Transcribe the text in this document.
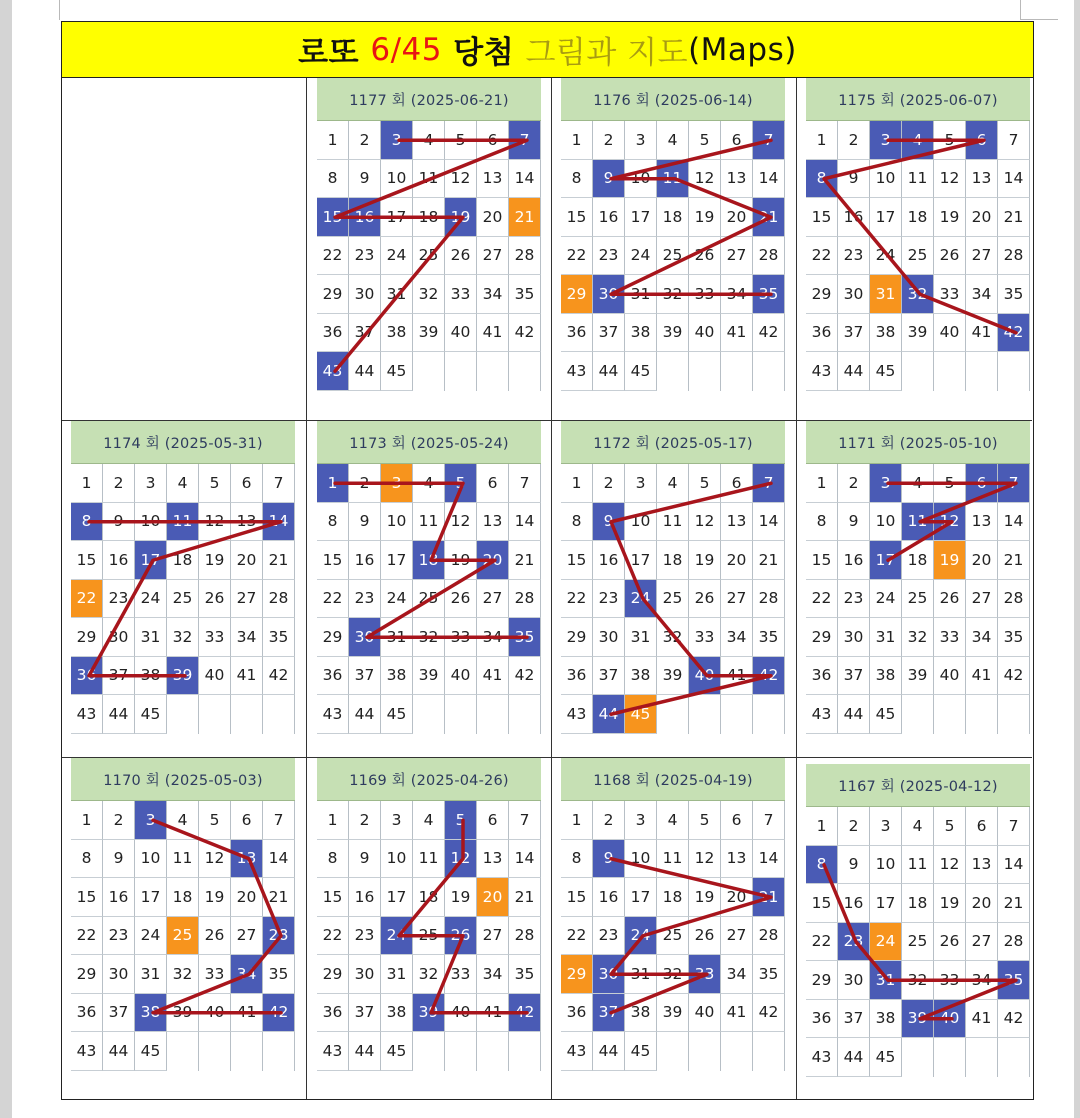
로또 6/45 당첨 그림과 지도 (Maps)
1177 회 (2025-06-21)
1	2	3	4	5	6	7
8	9	10 11 12 13 14
15 16 17 18 19 20 21
22 23 24 25 26 27 28
29 30 31 32 33 34 35
36 37 38 39 40 41 42
43 44 45
1176 회 (2025-06-14)
1	2	3	4	5	6	7
8	9	10 11 12 13 14
15 16 17 18 19 20 21
22 23 24 25 26 27 28
29 30 31 32 33 34 35
36 37 38 39 40 41 42
43 44 45
1175 회 (2025-06-07)
1	2	3	4	5	6	7
8	9	10 11 12 13 14
15 16 17 18 19 20 21
22 23 24 25 26 27 28
29 30 31 32 33 34 35
36 37 38 39 40 41 42
43 44 45
1174 회 (2025-05-31)
1	2	3	4	5	6	7
8	9	10 11 12 13 14
15 16 17 18 19 20 21
22 23 24 25 26 27 28
29 30 31 32 33 34 35
36 37 38 39 40 41 42
43 44 45
1173 회 (2025-05-24)
1	2	3	4	5	6	7
8	9	10 11 12 13 14
15 16 17 18 19 20 21
22 23 24 25 26 27 28
29 30 31 32 33 34 35
36 37 38 39 40 41 42
43 44 45
1172 회 (2025-05-17)
1	2	3	4	5	6	7
8	9	10 11 12 13 14
15 16 17 18 19 20 21
22 23 24 25 26 27 28
29 30 31 32 33 34 35
36 37 38 39 40 41 42
43 44 45
1171 회 (2025-05-10)
1	2	3	4	5	6	7
8	9	10 11 12 13 14
15 16 17 18 19 20 21
22 23 24 25 26 27 28
29 30 31 32 33 34 35
36 37 38 39 40 41 42
43 44 45
1170 회 (2025-05-03)
1	2	3	4	5	6	7
8	9	10 11 12 13 14
15 16 17 18 19 20 21
22 23 24 25 26 27 28
29 30 31 32 33 34 35
36 37 38 39 40 41 42
43 44 45
1169 회 (2025-04-26)
1	2	3	4	5	6	7
8	9	10 11 12 13 14
15 16 17 18 19 20 21
22 23 24 25 26 27 28
29 30 31 32 33 34 35
36 37 38 39 40 41 42
43 44 45
1168 회 (2025-04-19)
1	2	3	4	5	6	7
8	9	10 11 12 13 14
15 16 17 18 19 20 21
22 23 24 25 26 27 28
29 30 31 32 33 34 35
36 37 38 39 40 41 42
43 44 45
1167 회 (2025-04-12)
1	2	3	4	5	6	7
8	9	10 11 12 13 14
15 16 17 18 19 20 21
22 23 24 25 26 27 28
29 30 31 32 33 34 35
36 37 38 39 40 41 42
43 44 45
